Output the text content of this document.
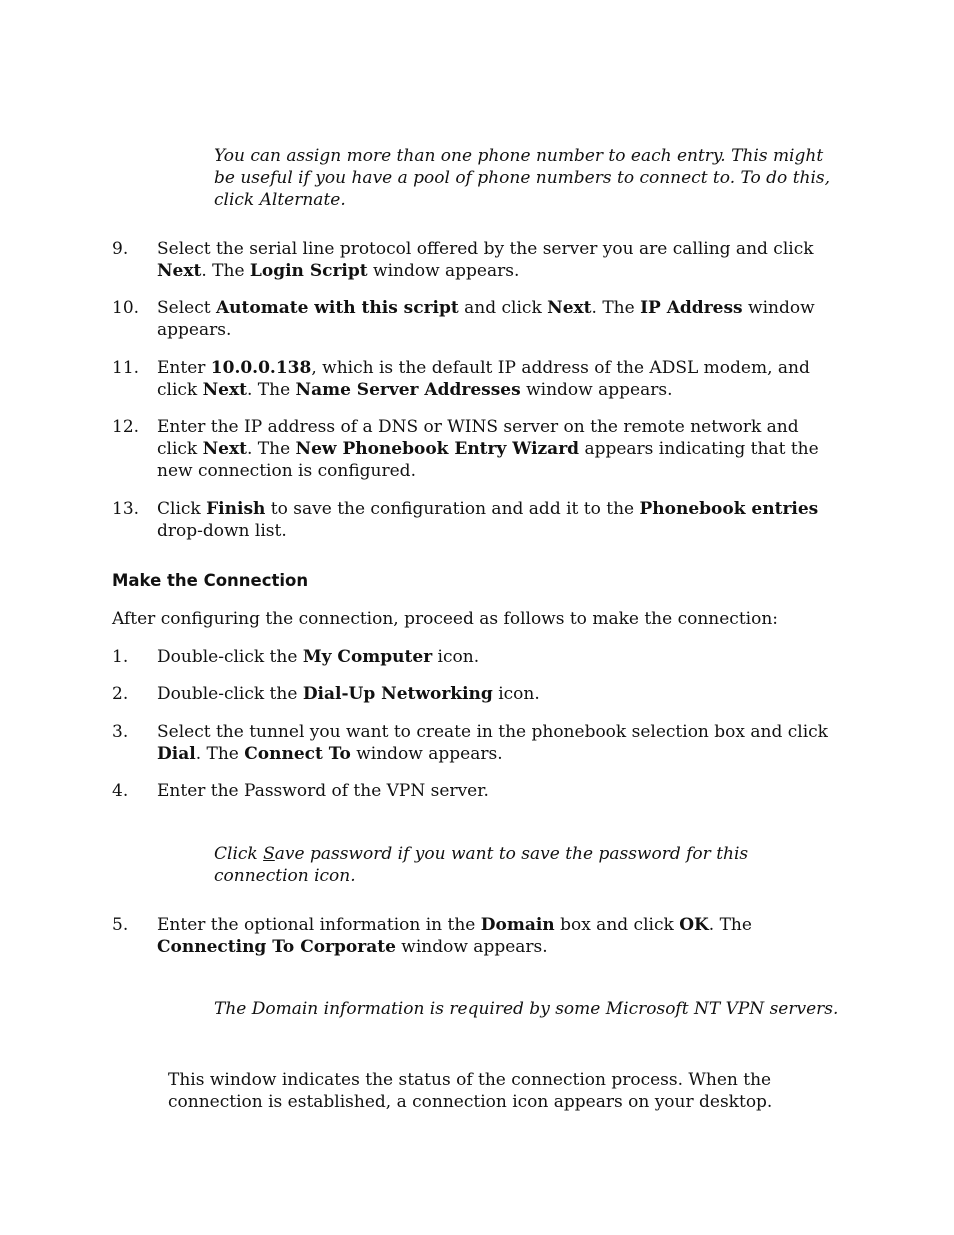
You can assign more than one phone number to each entry. This might be useful if you have a pool of phone numbers to connect to. To do this, click Alternate.
9. Select the serial line protocol offered by the server you are calling and click Next. The Login Script window appears.
10. Select Automate with this script and click Next. The IP Address window appears.
11. Enter 10.0.0.138, which is the default IP address of the ADSL modem, and click Next. The Name Server Addresses window appears.
12. Enter the IP address of a DNS or WINS server on the remote network and click Next. The New Phonebook Entry Wizard appears indicating that the new connection is configured.
13. Click Finish to save the configuration and add it to the Phonebook entries drop-down list.
Make the Connection
After configuring the connection, proceed as follows to make the connection:
1. Double-click the My Computer icon.
2. Double-click the Dial-Up Networking icon.
3. Select the tunnel you want to create in the phonebook selection box and click Dial. The Connect To window appears.
4. Enter the Password of the VPN server.
Click Save password if you want to save the password for this connection icon.
5. Enter the optional information in the Domain box and click OK. The Connecting To Corporate window appears.
The Domain information is required by some Microsoft NT VPN servers.
This window indicates the status of the connection process. When the connection is established, a connection icon appears on your desktop.
